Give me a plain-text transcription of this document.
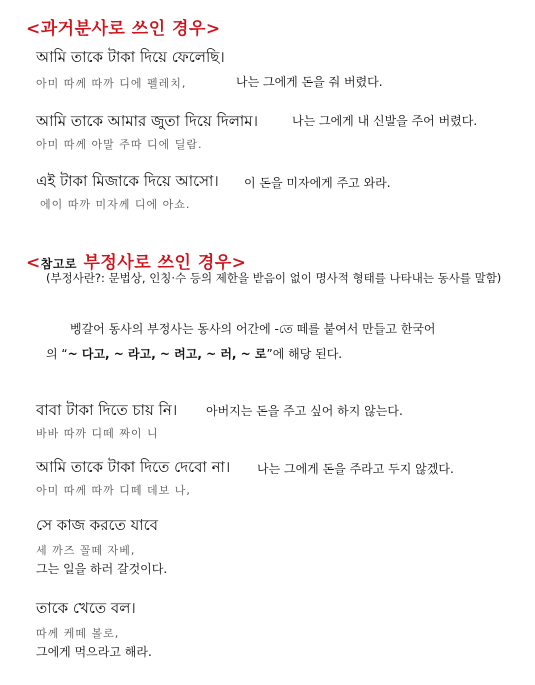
<과거분사로 쓰인 경우>
আমি তাকে টাকা দিয়ে ফেলেছি।
아미 따께 따까 디에 펠레치,	나는 그에게 돈을 줘 버렸다.
আমি তাকে আমার জুতা দিয়ে দিলাম।	나는 그에게 내 신발을 주어 버렸다.
아미 따께 아말 주따 디에 딜람.
এই টাকা মিজাকে দিয়ে আসো। 이 돈을 미자에게 주고 와라.
에이 따까 미자께 디에 아쇼.
<참고로 부정사로 쓰인 경우>
(부정사란?: 문법상, 인칭·수 등의 제한을 받음이 없이 명사적 형태를 나타내는 동사를 말함)
벵갈어 동사의 부정사는 동사의 어간에 -তে 떼를 붙여서 만들고 한국어
의 “~ 다고, ~ 라고, ~ 려고, ~ 러, ~ 로”에 해당 된다.
বাবা টাকা দিতে চায় নি। 아버지는 돈을 주고 싶어 하지 않는다.
바바 따까 디떼 짜이 니
আমি তাকে টাকা দিতে দেবো না। 나는 그에게 돈을 주라고 두지 않겠다.
아미 따께 따까 디떼 데보 나,
সে কাজ করতে যাবে
세 까즈 꼴떼 자베,
그는 일을 하러 갈것이다.
তাকে খেতে বল।
따께 케떼 볼로,
그에게 먹으라고 해라.
